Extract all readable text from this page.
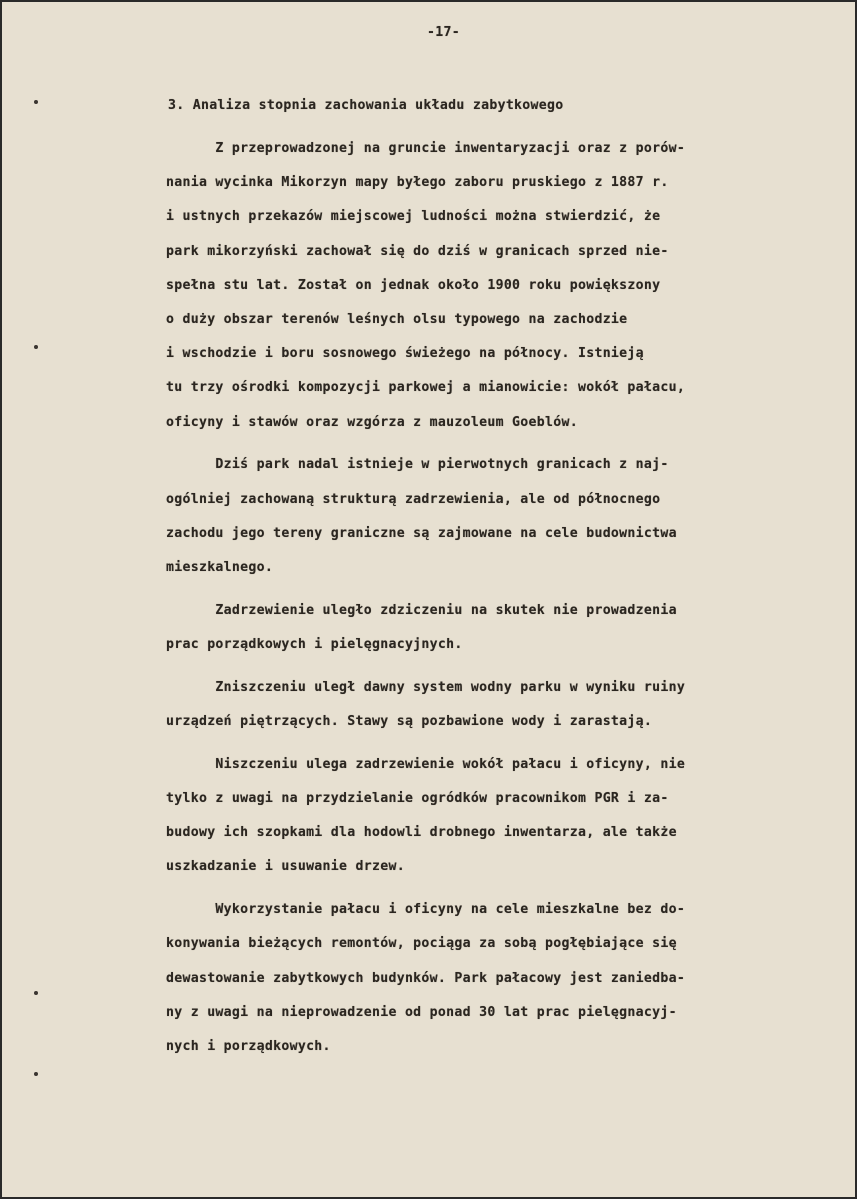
-17-
3. Analiza stopnia zachowania układu zabytkowego
Z przeprowadzonej na gruncie inwentaryzacji oraz z porów-
nania wycinka Mikorzyn mapy byłego zaboru pruskiego z 1887 r.
i ustnych przekazów miejscowej ludności można stwierdzić, że
park mikorzyński zachował się do dziś w granicach sprzed nie-
spełna stu lat. Został on jednak około 1900 roku powiększony
o duży obszar terenów leśnych olsu typowego na zachodzie
i wschodzie i boru sosnowego świeżego na północy. Istnieją
tu trzy ośrodki kompozycji parkowej a mianowicie: wokół pałacu,
oficyny i stawów oraz wzgórza z mauzoleum Goeblów.
Dziś park nadal istnieje w pierwotnych granicach z naj-
ogólniej zachowaną strukturą zadrzewienia, ale od północnego
zachodu jego tereny graniczne są zajmowane na cele budownictwa
mieszkalnego.
Zadrzewienie uległo zdziczeniu na skutek nie prowadzenia
prac porządkowych i pielęgnacyjnych.
Zniszczeniu uległ dawny system wodny parku w wyniku ruiny
urządzeń piętrzących. Stawy są pozbawione wody i zarastają.
Niszczeniu ulega zadrzewienie wokół pałacu i oficyny, nie
tylko z uwagi na przydzielanie ogródków pracownikom PGR i za-
budowy ich szopkami dla hodowli drobnego inwentarza, ale także
uszkadzanie i usuwanie drzew.
Wykorzystanie pałacu i oficyny na cele mieszkalne bez do-
konywania bieżących remontów, pociąga za sobą pogłębiające się
dewastowanie zabytkowych budynków. Park pałacowy jest zaniedba-
ny z uwagi na nieprowadzenie od ponad 30 lat prac pielęgnacyj-
nych i porządkowych.
